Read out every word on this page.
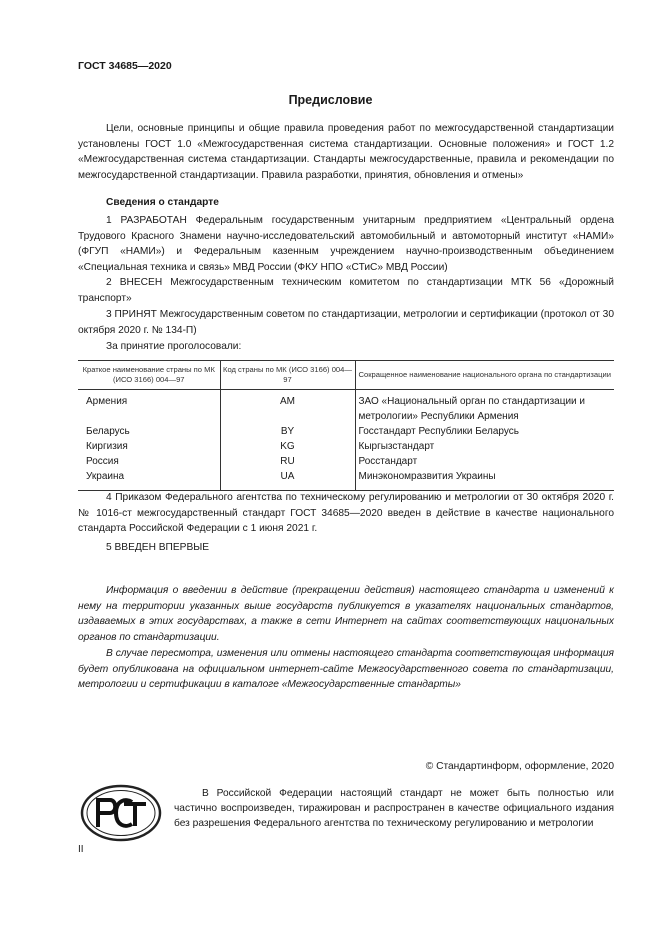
ГОСТ 34685—2020
Предисловие
Цели, основные принципы и общие правила проведения работ по межгосударственной стандартизации установлены ГОСТ 1.0 «Межгосударственная система стандартизации. Основные положения» и ГОСТ 1.2 «Межгосударственная система стандартизации. Стандарты межгосударственные, правила и рекомендации по межгосударственной стандартизации. Правила разработки, принятия, обновления и отмены»
Сведения о стандарте
1 РАЗРАБОТАН Федеральным государственным унитарным предприятием «Центральный ордена Трудового Красного Знамени научно-исследовательский автомобильный и автомоторный институт «НАМИ» (ФГУП «НАМИ») и Федеральным казенным учреждением научно-производственным объединением «Специальная техника и связь» МВД России (ФКУ НПО «СТиС» МВД России)
2 ВНЕСЕН Межгосударственным техническим комитетом по стандартизации МТК 56 «Дорожный транспорт»
3 ПРИНЯТ Межгосударственным советом по стандартизации, метрологии и сертификации (протокол от 30 октября 2020 г. № 134-П)
За принятие проголосовали:
Краткое наименование страны по МК (ИСО 3166) 004—97	Код страны по МК (ИСО 3166) 004—97	Сокращенное наименование национального органа по стандартизации
Армения	AM	ЗАО «Национальный орган по стандартизации и метрологии» Республики Армения
Беларусь	BY	Госстандарт Республики Беларусь
Киргизия	KG	Кыргызстандарт
Россия	RU	Росстандарт
Украина	UA	Минэкономразвития Украины
4 Приказом Федерального агентства по техническому регулированию и метрологии от 30 октября 2020 г. № 1016-ст межгосударственный стандарт ГОСТ 34685—2020 введен в действие в качестве национального стандарта Российской Федерации с 1 июня 2021 г.
5 ВВЕДЕН ВПЕРВЫЕ
Информация о введении в действие (прекращении действия) настоящего стандарта и изменений к нему на территории указанных выше государств публикуется в указателях национальных стандартов, издаваемых в этих государствах, а также в сети Интернет на сайтах соответствующих национальных органов по стандартизации.
В случае пересмотра, изменения или отмены настоящего стандарта соответствующая информация будет опубликована на официальном интернет-сайте Межгосударственного совета по стандартизации, метрологии и сертификации в каталоге «Межгосударственные стандарты»
© Стандартинформ, оформление, 2020
В Российской Федерации настоящий стандарт не может быть полностью или частично воспроизведен, тиражирован и распространен в качестве официального издания без разрешения Федерального агентства по техническому регулированию и метрологии
II
